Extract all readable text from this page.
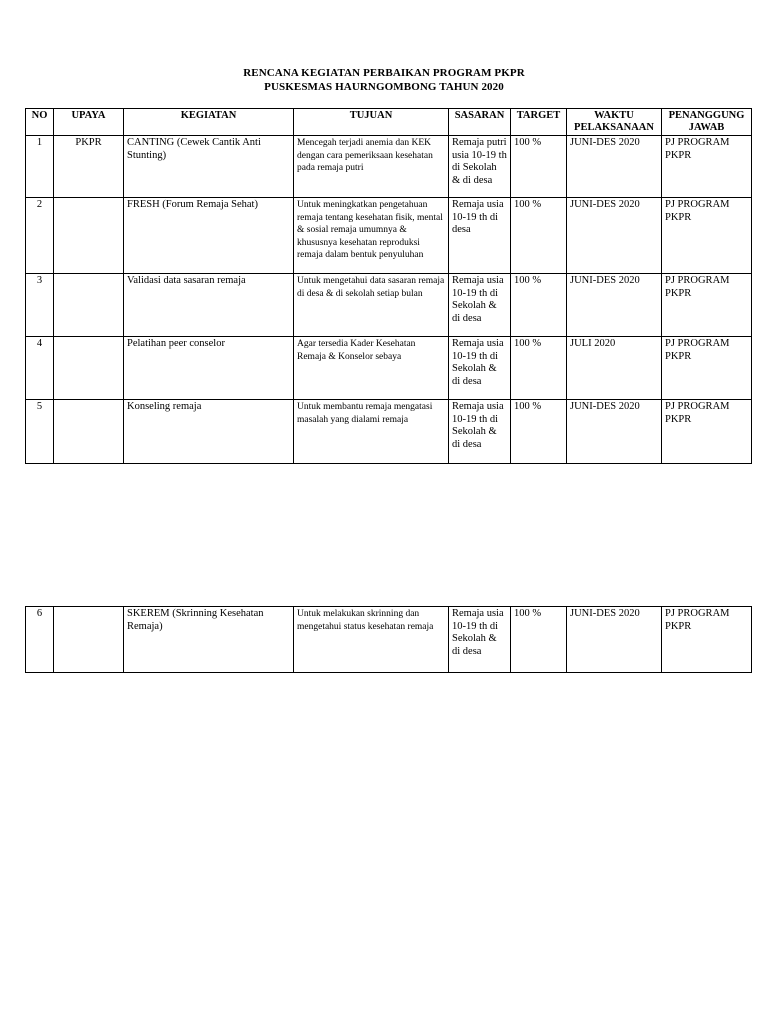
RENCANA KEGIATAN PERBAIKAN PROGRAM PKPR
PUSKESMAS HAURNGOMBONG TAHUN 2020
NO	UPAYA	KEGIATAN	TUJUAN	SASARAN	TARGET	WAKTU PELAKSANAAN	PENANGGUNG JAWAB
1	PKPR	CANTING (Cewek Cantik Anti Stunting)	Mencegah terjadi anemia dan KEK dengan cara pemeriksaan kesehatan pada remaja putri	Remaja putri usia 10-19 th di Sekolah & di desa	100 %	JUNI-DES 2020	PJ PROGRAM PKPR
2		FRESH (Forum Remaja Sehat)	Untuk meningkatkan pengetahuan remaja tentang kesehatan fisik, mental & sosial remaja umumnya & khususnya kesehatan reproduksi remaja dalam bentuk penyuluhan	Remaja usia 10-19 th di desa	100 %	JUNI-DES 2020	PJ PROGRAM PKPR
3		Validasi data sasaran remaja	Untuk mengetahui data sasaran remaja di desa & di sekolah setiap bulan	Remaja usia 10-19 th di Sekolah & di desa	100 %	JUNI-DES 2020	PJ PROGRAM PKPR
4		Pelatihan peer conselor	Agar tersedia Kader Kesehatan Remaja & Konselor sebaya	Remaja usia 10-19 th di Sekolah & di desa	100 %	JULI 2020	PJ PROGRAM PKPR
5		Konseling remaja	Untuk membantu remaja mengatasi masalah yang dialami remaja	Remaja usia 10-19 th di Sekolah & di desa	100 %	JUNI-DES 2020	PJ PROGRAM PKPR
6		SKEREM (Skrinning Kesehatan Remaja)	Untuk melakukan skrinning dan mengetahui status kesehatan remaja	Remaja usia 10-19 th di Sekolah & di desa	100 %	JUNI-DES 2020	PJ PROGRAM PKPR
